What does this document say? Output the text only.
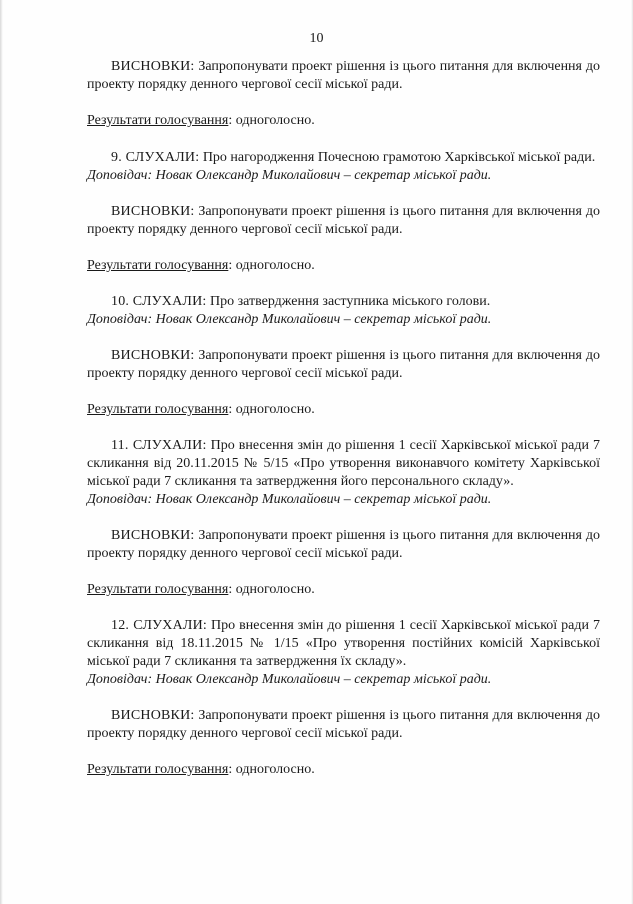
10

ВИСНОВКИ: Запропонувати проект рішення із цього питання для включення до проекту порядку денного чергової сесії міської ради.

Результати голосування: одноголосно.

9. СЛУХАЛИ: Про нагородження Почесною грамотою Харківської міської ради.

Доповідач: Новак Олександр Миколайович – секретар міської ради.

ВИСНОВКИ: Запропонувати проект рішення із цього питання для включення до проекту порядку денного чергової сесії міської ради.

Результати голосування: одноголосно.

10. СЛУХАЛИ: Про затвердження заступника міського голови.

Доповідач: Новак Олександр Миколайович – секретар міської ради.

ВИСНОВКИ: Запропонувати проект рішення із цього питання для включення до проекту порядку денного чергової сесії міської ради.

Результати голосування: одноголосно.

11. СЛУХАЛИ: Про внесення змін до рішення 1 сесії Харківської міської ради 7 скликання від 20.11.2015 № 5/15 «Про утворення виконавчого комітету Харківської міської ради 7 скликання та затвердження його персонального складу».

Доповідач: Новак Олександр Миколайович – секретар міської ради.

ВИСНОВКИ: Запропонувати проект рішення із цього питання для включення до проекту порядку денного чергової сесії міської ради.

Результати голосування: одноголосно.

12. СЛУХАЛИ: Про внесення змін до рішення 1 сесії Харківської міської ради 7 скликання від 18.11.2015 № 1/15 «Про утворення постійних комісій Харківської міської ради 7 скликання та затвердження їх складу».

Доповідач: Новак Олександр Миколайович – секретар міської ради.

ВИСНОВКИ: Запропонувати проект рішення із цього питання для включення до проекту порядку денного чергової сесії міської ради.

Результати голосування: одноголосно.
